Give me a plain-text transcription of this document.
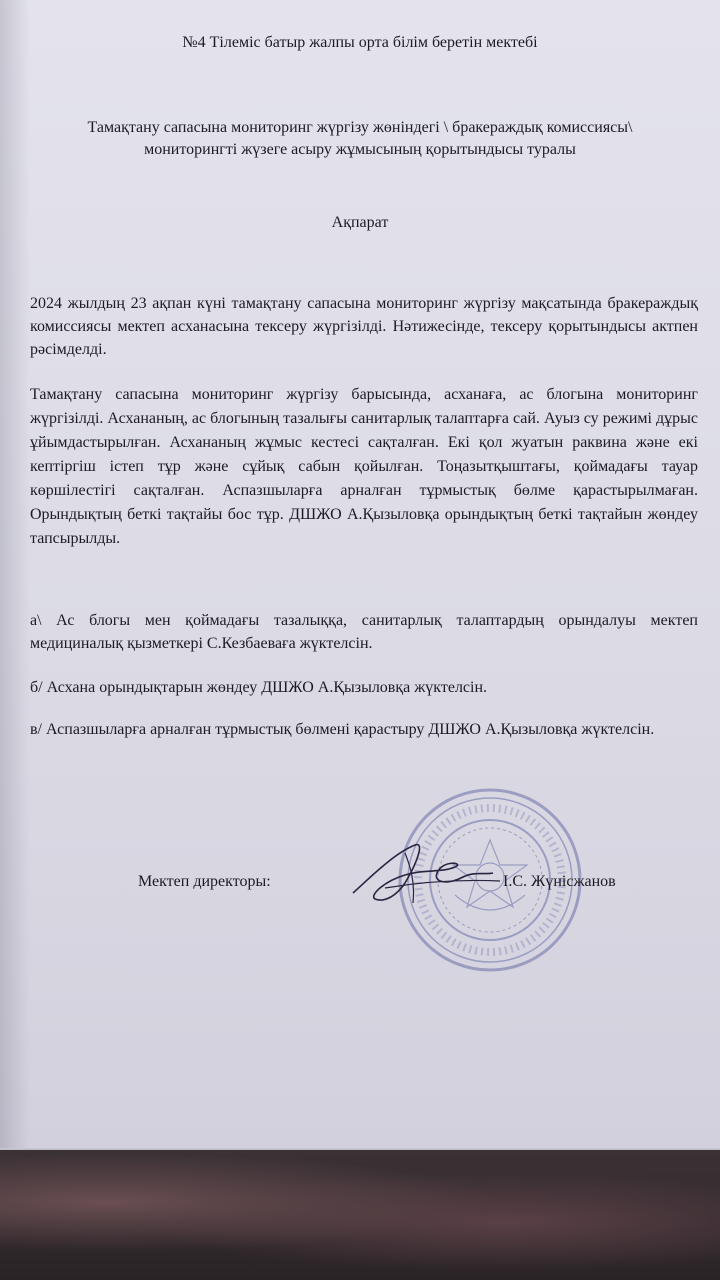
№4 Тілеміс батыр жалпы орта білім беретін мектебі
Тамақтану сапасына мониторинг жүргізу жөніндегі \ бракераждық комиссиясы\ мониторингті жүзеге асыру жұмысының қорытындысы туралы
Ақпарат
2024 жылдың 23 ақпан күні тамақтану сапасына мониторинг жүргізу мақсатында бракераждық комиссиясы мектеп асханасына тексеру жүргізілді. Нәтижесінде, тексеру қорытындысы актпен рәсімделді.
Тамақтану сапасына мониторинг жүргізу барысында, асханаға, ас блогына мониторинг жүргізілді. Асхананың, ас блогының тазалығы санитарлық талаптарға сай. Ауыз су режимі дұрыс ұйымдастырылған. Асхананың жұмыс кестесі сақталған. Екі қол жуатын раквина және екі кептіргіш істеп тұр және сұйық сабын қойылған. Тоңазытқыштағы, қоймадағы тауар көршілестігі сақталған. Аспазшыларға арналған тұрмыстық бөлме қарастырылмаған. Орындықтың беткі тақтайы бос тұр. ДШЖО А.Қызыловқа орындықтың беткі тақтайын жөндеу тапсырылды.
а\ Ас блогы мен қоймадағы тазалыққа, санитарлық талаптардың орындалуы мектеп медициналық қызметкері С.Кезбаеваға жүктелсін.
б/ Асхана орындықтарын жөндеу ДШЖО А.Қызыловқа жүктелсін.
в/ Аспазшыларға арналған тұрмыстық бөлмені қарастыру ДШЖО А.Қызыловқа жүктелсін.
Мектеп директоры:	І.С. Жүнісжанов
